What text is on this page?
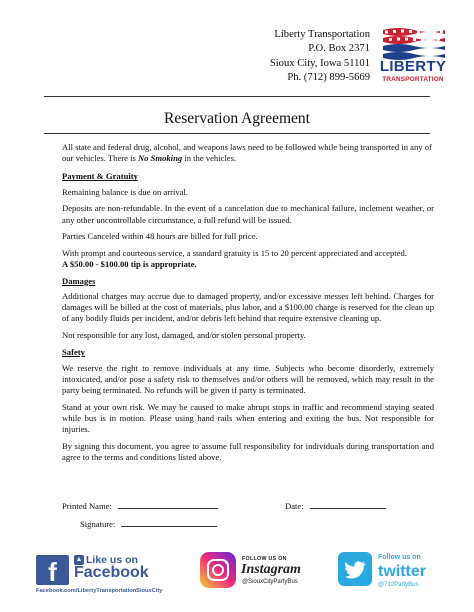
Liberty Transportation
P.O. Box 2371
Sioux City, Iowa 51101
Ph. (712) 899-5669
LIBERTY
TRANSPORTATION
Reservation Agreement

All state and federal drug, alcohol, and weapons laws need to be followed while being transported in any of our vehicles. There is No Smoking in the vehicles.

Payment & Gratuity

Remaining balance is due on arrival.

Deposits are non-refundable. In the event of a cancelation due to mechanical failure, inclement weather, or any other uncontrollable circumstance, a full refund will be issued.

Parties Canceled within 48 hours are billed for full price.

With prompt and courteous service, a standard gratuity is 15 to 20 percent appreciated and accepted.

A $50.00 - $100.00 tip is appropriate.

Damages

Additional charges may accrue due to damaged property, and/or excessive messes left behind. Charges for damages will be billed at the cost of materials, plus labor, and a $100.00 charge is reserved for the clean up of any bodily fluids per incident, and/or debris left behind that require extensive cleaning up.

Not responsible for any lost, damaged, and/or stolen personal property.

Safety

We reserve the right to remove individuals at any time. Subjects who become disorderly, extremely intoxicated, and/or pose a safety risk to themselves and/or others will be removed, which may result in the party being terminated. No refunds will be given if party is terminated.

Stand at your own risk. We may be caused to make abrupt stops in traffic and recommend staying seated while bus is in motion. Please using hand rails when entering and exiting the bus. Not responsible for injuries.

By signing this document, you agree to assume full responsibility for individuals during transportation and agree to the terms and conditions listed above.

Printed Name:	Date:
Signature:
f	▲ Like us on
Facebook
Facebook.com/LibertyTransportationSiouxCity
FOLLOW US ON
Instagram
@SiouxCityPartyBus
Follow us on
twitter
@712PartyBus
